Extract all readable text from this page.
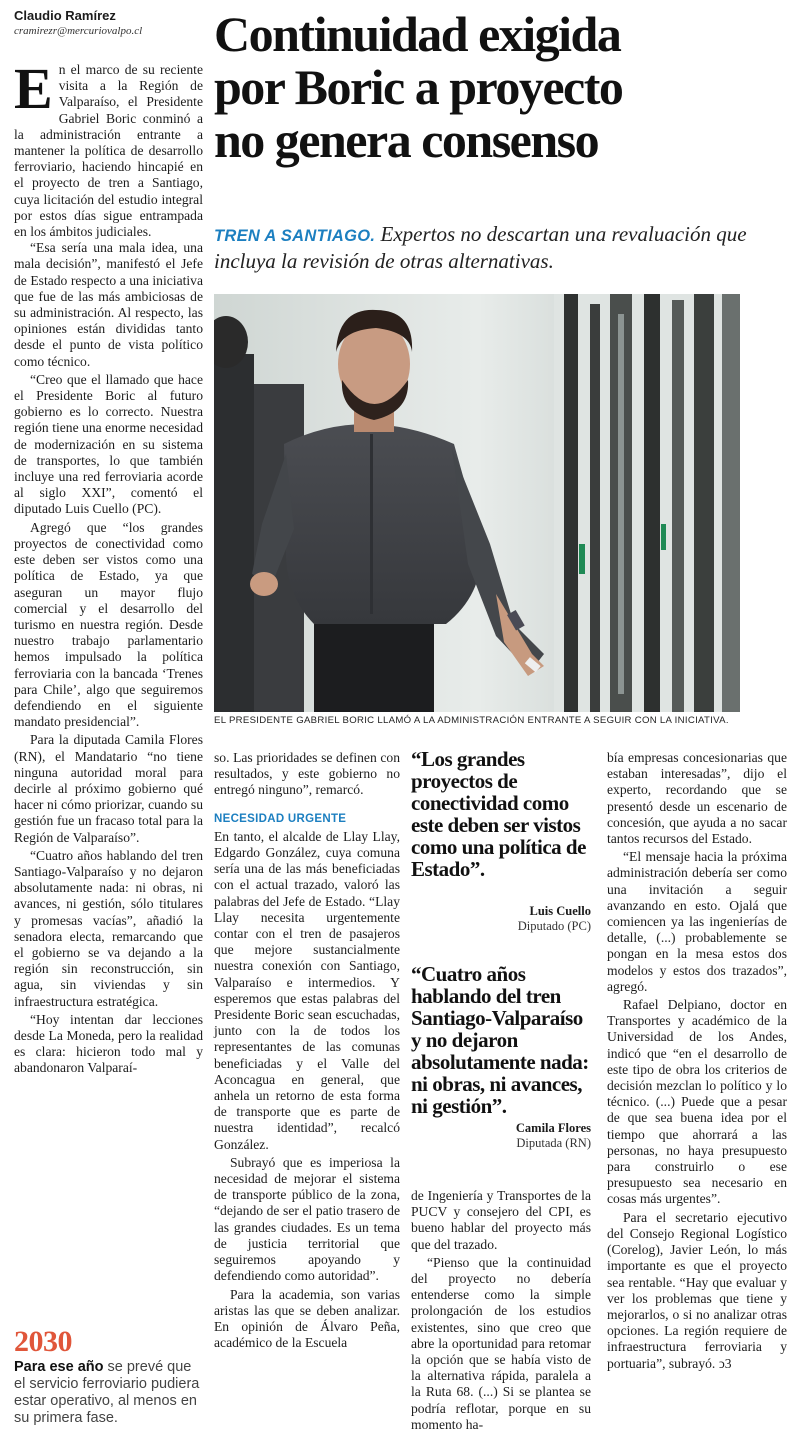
Claudio Ramírez
cramirezr@mercuriovalpo.cl	Continuidad exigida
por Boric a proyecto
no genera consenso
TREN A SANTIAGO. Expertos no descartan una revaluación que incluya la revisión de otras alternativas.
EL PRESIDENTE GABRIEL BORIC LLAMÓ A LA ADMINISTRACIÓN ENTRANTE A SEGUIR CON LA INICIATIVA.

En el marco de su reciente visita a la Región de Valparaíso, el Presidente Gabriel Boric conminó a la administración entrante a mantener la política de desarrollo ferroviario, haciendo hincapié en el proyecto de tren a Santiago, cuya licitación del estudio integral por estos días sigue entrampada en los ámbitos judiciales.

“Esa sería una mala idea, una mala decisión”, manifestó el Jefe de Estado respecto a una iniciativa que fue de las más ambiciosas de su administración. Al respecto, las opiniones están divididas tanto desde el punto de vista político como técnico.

“Creo que el llamado que hace el Presidente Boric al futuro gobierno es lo correcto. Nuestra región tiene una enorme necesidad de modernización en su sistema de transportes, lo que también incluye una red ferroviaria acorde al siglo XXI”, comentó el diputado Luis Cuello (PC).

Agregó que “los grandes proyectos de conectividad como este deben ser vistos como una política de Estado, ya que aseguran un mayor flujo comercial y el desarrollo del turismo en nuestra región. Desde nuestro trabajo parlamentario hemos impulsado la política ferroviaria con la bancada ‘Trenes para Chile’, algo que seguiremos defendiendo en el siguiente mandato presidencial”.

Para la diputada Camila Flores (RN), el Mandatario “no tiene ninguna autoridad moral para decirle al próximo gobierno qué hacer ni cómo priorizar, cuando su gestión fue un fracaso total para la Región de Valparaíso”.

“Cuatro años hablando del tren Santiago-Valparaíso y no dejaron absolutamente nada: ni obras, ni avances, ni gestión, sólo titulares y promesas vacías”, añadió la senadora electa, remarcando que el gobierno se va dejando a la región sin reconstrucción, sin agua, sin viviendas y sin infraestructura estratégica.

“Hoy intentan dar lecciones desde La Moneda, pero la realidad es clara: hicieron todo mal y abandonaron Valparaí-

2030
Para ese año se prevé que el servicio ferroviario pudiera estar operativo, al menos en su primera fase.

so. Las prioridades se definen con resultados, y este gobierno no entregó ninguno”, remarcó.

NECESIDAD URGENTE

En tanto, el alcalde de Llay Llay, Edgardo González, cuya comuna sería una de las más beneficiadas con el actual trazado, valoró las palabras del Jefe de Estado. “Llay Llay necesita urgentemente contar con el tren de pasajeros que mejore sustancialmente nuestra conexión con Santiago, Valparaíso e intermedios. Y esperemos que estas palabras del Presidente Boric sean escuchadas, junto con la de todos los representantes de las comunas beneficiadas y el Valle del Aconcagua en general, que anhela un retorno de esta forma de transporte que es parte de nuestra identidad”, recalcó González.

Subrayó que es imperiosa la necesidad de mejorar el sistema de transporte público de la zona, “dejando de ser el patio trasero de las grandes ciudades. Es un tema de justicia territorial que seguiremos apoyando y defendiendo como autoridad”.

Para la academia, son varias aristas las que se deben analizar. En opinión de Álvaro Peña, académico de la Escuela

“Los grandes proyectos de conectividad como este deben ser vistos como una política de Estado”.
Luis Cuello
Diputado (PC)
“Cuatro años hablando del tren Santiago-Valparaíso y no dejaron absolutamente nada: ni obras, ni avances, ni gestión”.
Camila Flores
Diputada (RN)

de Ingeniería y Transportes de la PUCV y consejero del CPI, es bueno hablar del proyecto más que del trazado.

“Pienso que la continuidad del proyecto no debería entenderse como la simple prolongación de los estudios existentes, sino que creo que abre la oportunidad para retomar la opción que se había visto de la alternativa rápida, paralela a la Ruta 68. (...) Si se plantea se podría reflotar, porque en su momento ha-

bía empresas concesionarias que estaban interesadas”, dijo el experto, recordando que se presentó desde un escenario de concesión, que ayuda a no sacar tantos recursos del Estado.

“El mensaje hacia la próxima administración debería ser como una invitación a seguir avanzando en esto. Ojalá que comiencen ya las ingenierías de detalle, (...) probablemente se pongan en la mesa estos dos modelos y estos dos trazados”, agregó.

Rafael Delpiano, doctor en Transportes y académico de la Universidad de los Andes, indicó que “en el desarrollo de este tipo de obra los criterios de decisión mezclan lo político y lo técnico. (...) Puede que a pesar de que sea buena idea por el tiempo que ahorrará a las personas, no haya presupuesto para construirlo o ese presupuesto sea necesario en cosas más urgentes”.

Para el secretario ejecutivo del Consejo Regional Logístico (Corelog), Javier León, lo más importante es que el proyecto sea rentable. “Hay que evaluar y ver los problemas que tiene y mejorarlos, o si no analizar otras opciones. La región requiere de infraestructura ferroviaria y portuaria”, subrayó. ↄ3
